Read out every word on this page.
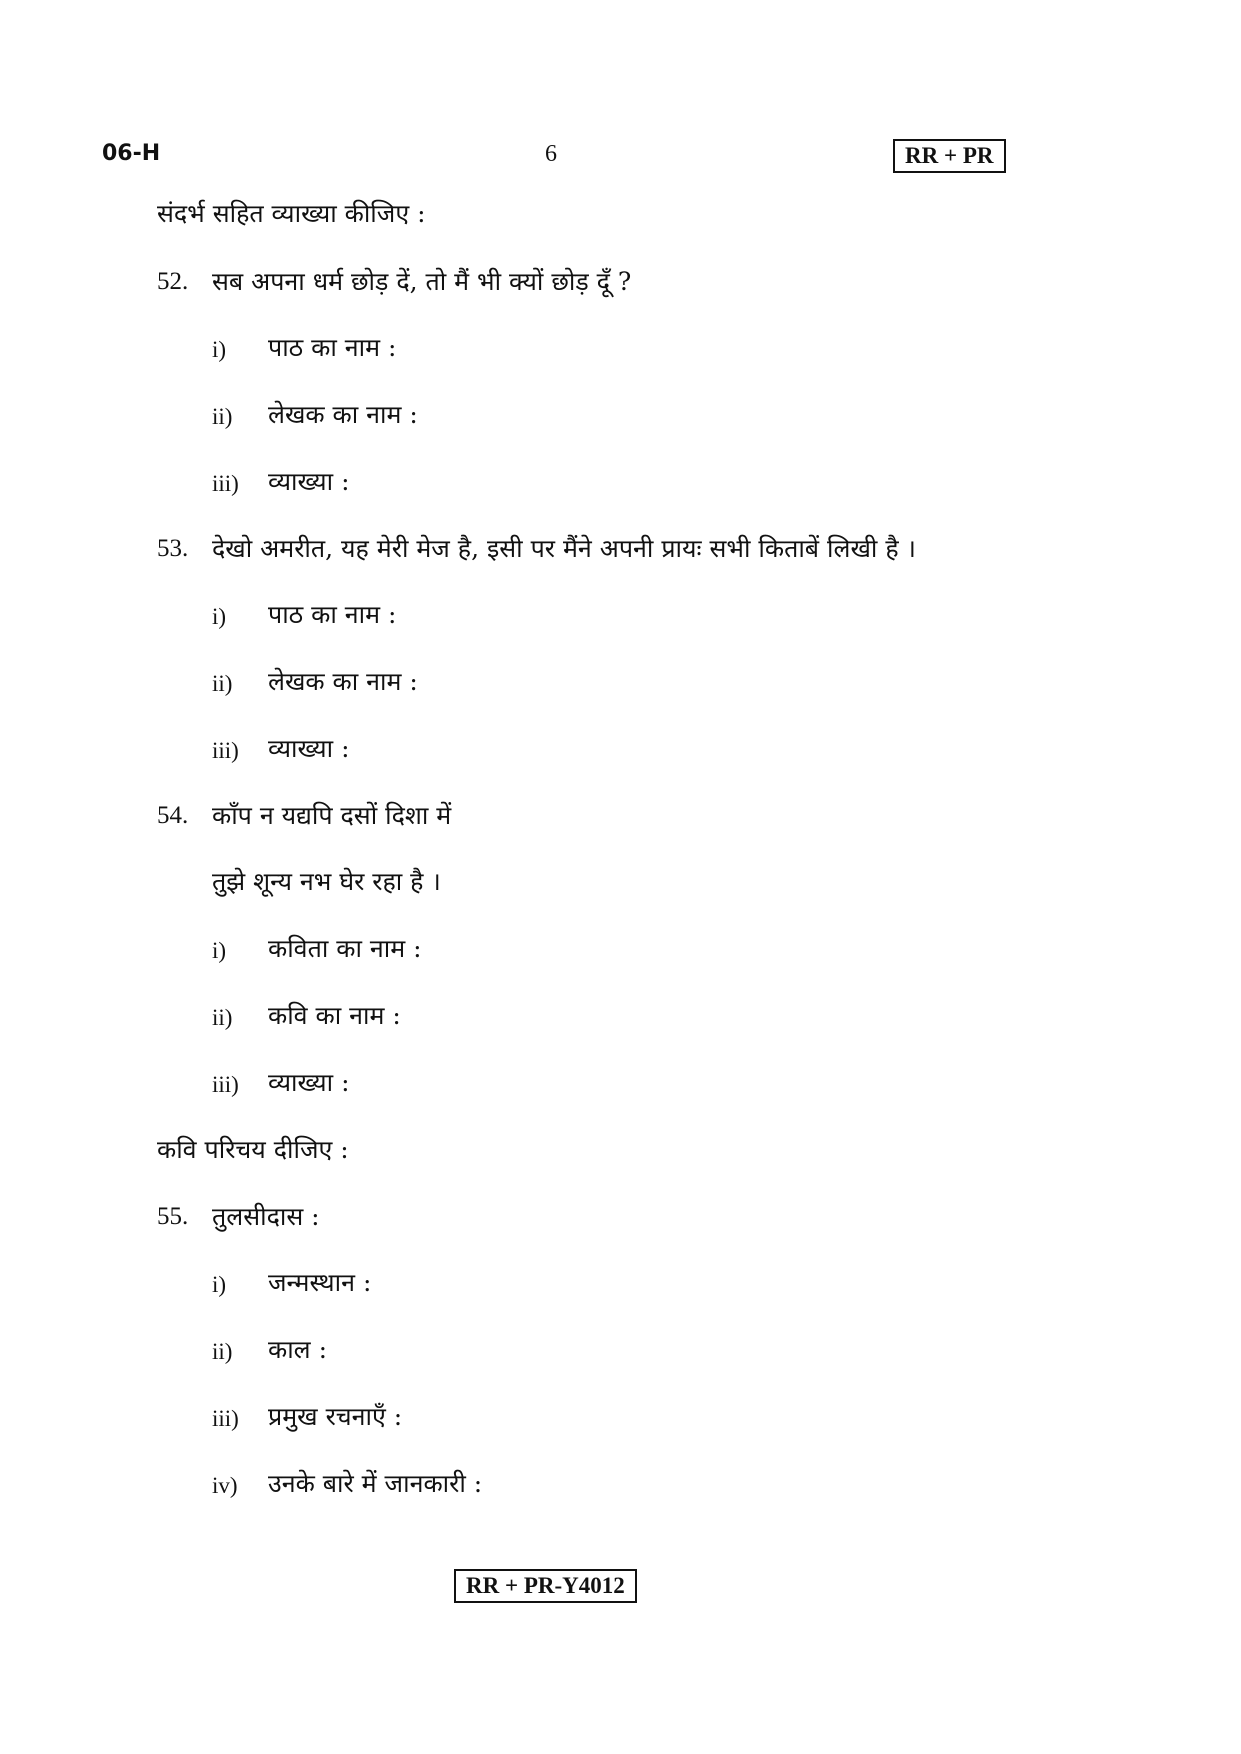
06-H	6	RR + PR
संदर्भ सहित व्याख्या कीजिए :
52. सब अपना धर्म छोड़ दें, तो मैं भी क्यों छोड़ दूँ ?
i) पाठ का नाम :
ii) लेखक का नाम :
iii) व्याख्या :
53. देखो अमरीत, यह मेरी मेज है, इसी पर मैंने अपनी प्रायः सभी किताबें लिखी है ।
i) पाठ का नाम :
ii) लेखक का नाम :
iii) व्याख्या :
54. काँप न यद्यपि दसों दिशा में
तुझे शून्य नभ घेर रहा है ।
i) कविता का नाम :
ii) कवि का नाम :
iii) व्याख्या :
कवि परिचय दीजिए :
55. तुलसीदास :
i) जन्मस्थान :
ii) काल :
iii) प्रमुख रचनाएँ :
iv) उनके बारे में जानकारी :
RR + PR-Y4012
